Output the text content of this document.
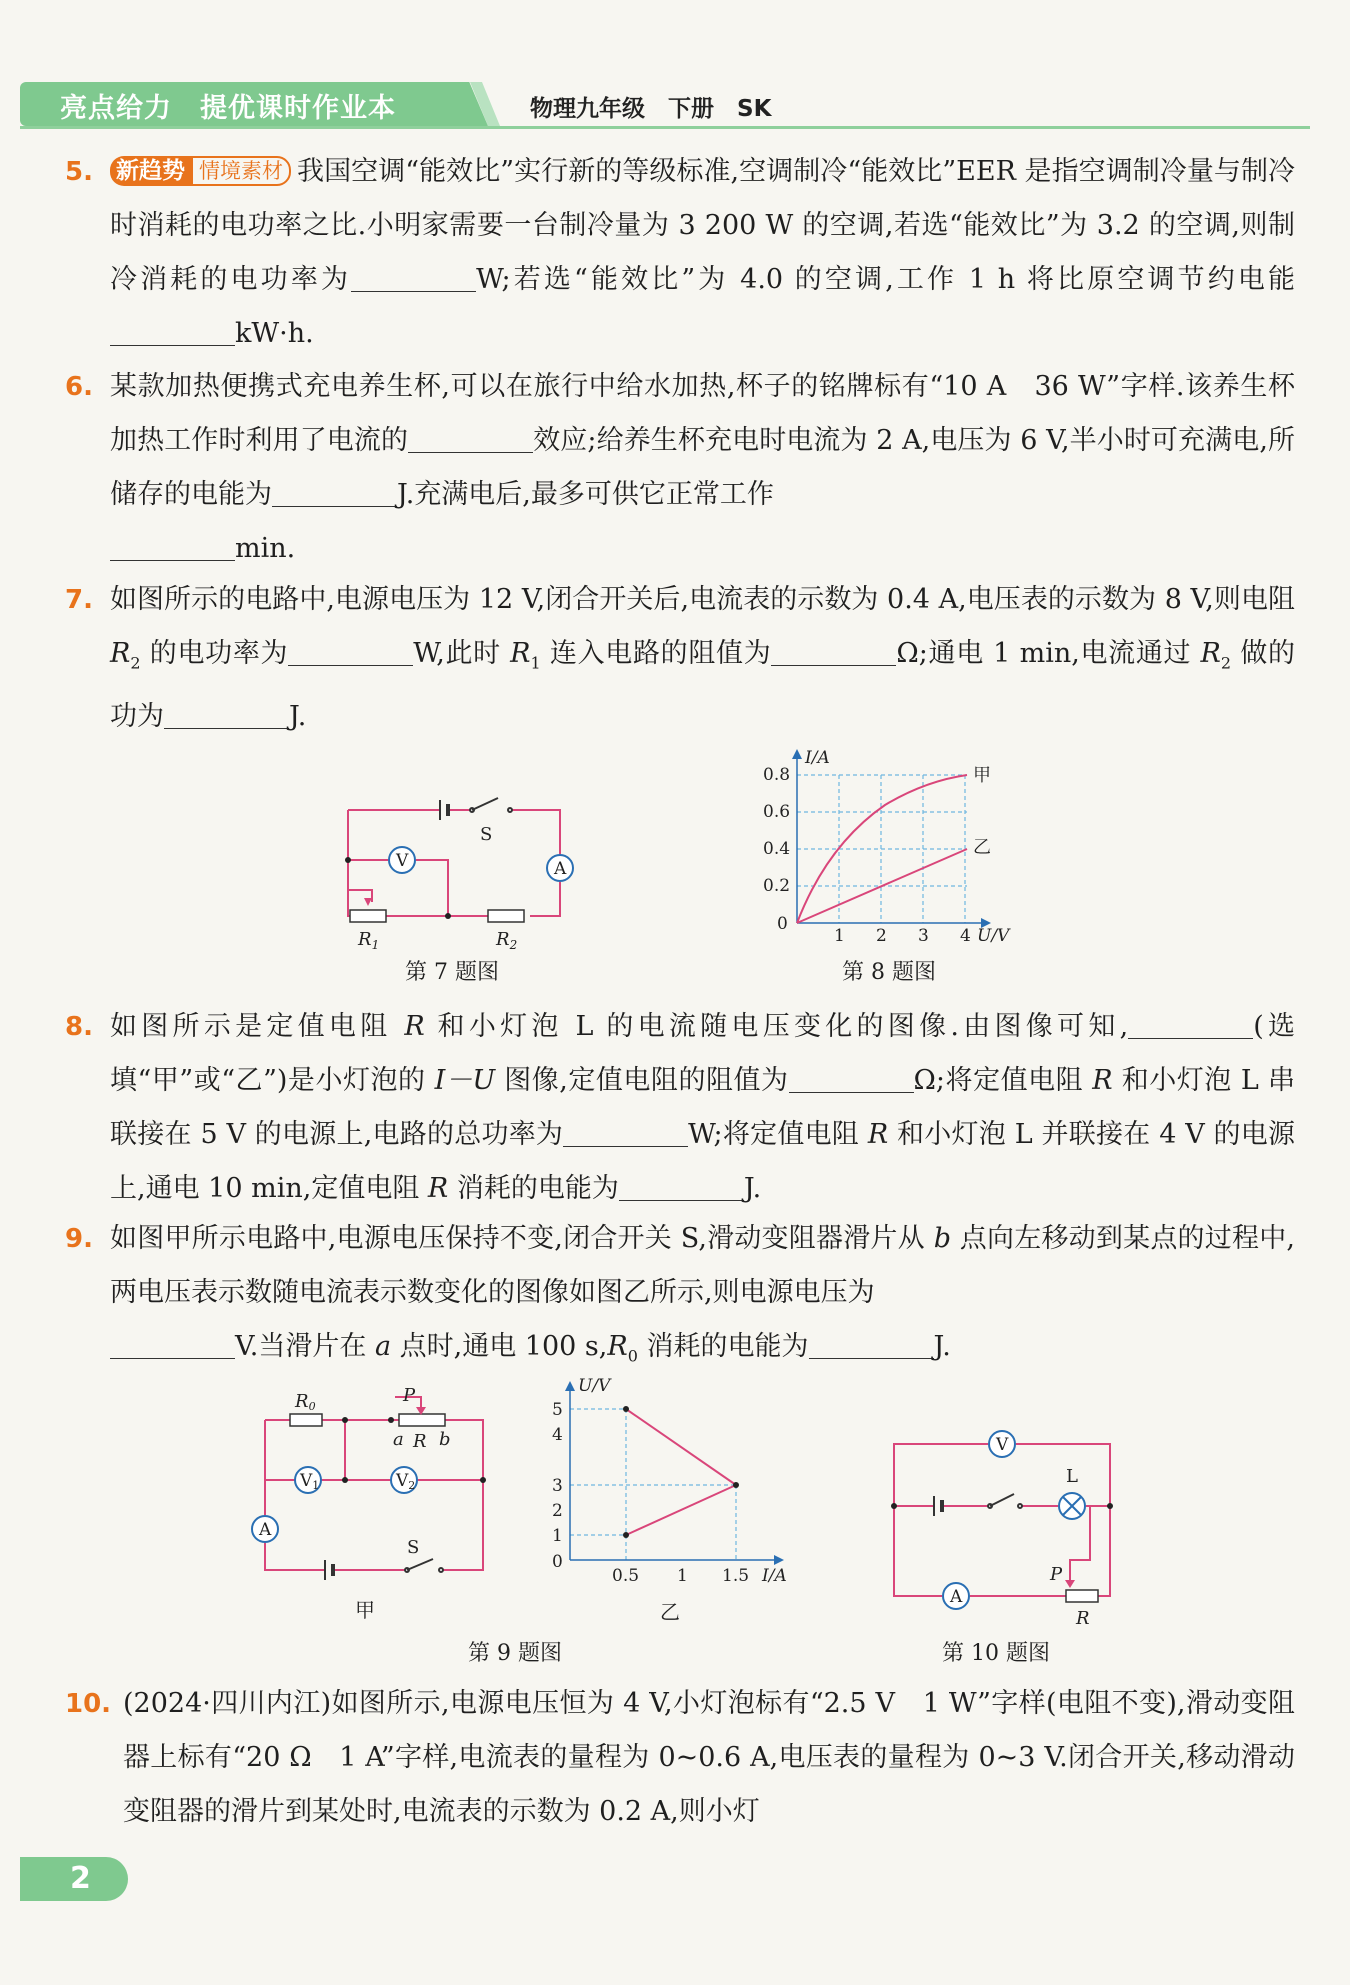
亮点给力　提优课时作业本	物理九年级　下册　SK
5. 新趋势 情境素材 我国空调“能效比”实行新的等级标准,空调制冷“能效比”EER 是指空调制冷量与制冷时消耗的电功率之比.小明家需要一台制冷量为 3 200 W 的空调,若选“能效比”为 3.2 的空调,则制冷消耗的电功率为	W;若选“能效比”为 4.0 的空调,工作 1 h 将比原空调节约电能kW·h.
6. 某款加热便携式充电养生杯,可以在旅行中给水加热,杯子的铭牌标有“10 A　36 W”字样.该养生杯加热工作时利用了电流的	效应;给养生杯充电时电流为 2 A,电压为 6 V,半小时可充满电,所储存的电能为	J.充满电后,最多可供它正常工作
min.
7. 如图所示的电路中,电源电压为 12 V,闭合开关后,电流表的示数为 0.4 A,电压表的示数为 8 V,则电阻 $R_2$ 的电功率为	W,此时 $R_1$ 连入电路的阻值为	Ω;通电 1 min,电流通过 $R_2$ 做的功为	J.
S
V	A
$R_1$	$R_2$
第 7 题图
I/A
U/V
甲
乙
0
0.8
0.6
0.4
0.2
1 2 3 4
第 8 题图
8. 如图所示是定值电阻 R 和小灯泡 L 的电流随电压变化的图像.由图像可知,	(选填“甲”或“乙”)是小灯泡的 I－U 图像,定值电阻的阻值为	Ω;将定值电阻 R 和小灯泡 L 串联接在 5 V 的电源上,电路的总功率为	W;将定值电阻 R 和小灯泡 L 并联接在 4 V 的电源上,通电 10 min,定值电阻 R 消耗的电能为	J.
9. 如图甲所示电路中,电源电压保持不变,闭合开关 S,滑动变阻器滑片从 b 点向左移动到某点的过程中,两电压表示数随电流表示数变化的图像如图乙所示,则电源电压为
V.当滑片在 a 点时,通电 100 $s,R_0$ 消耗的电能为	J.
V1	V2
A
S
R0
P
a R b
甲
U/V
I/A
0
5
4
3
2
1
0.5 1 1.5
乙
第 9 题图
V
L
A
P
R
第 10 题图
10. (2024·四川内江)如图所示,电源电压恒为 4 V,小灯泡标有“2.5 V　1 W”字样(电阻不变),滑动变阻器上标有“20 Ω　1 A”字样,电流表的量程为 0~0.6 A,电压表的量程为 0~3 V.闭合开关,移动滑动变阻器的滑片到某处时,电流表的示数为 0.2 A,则小灯
2
